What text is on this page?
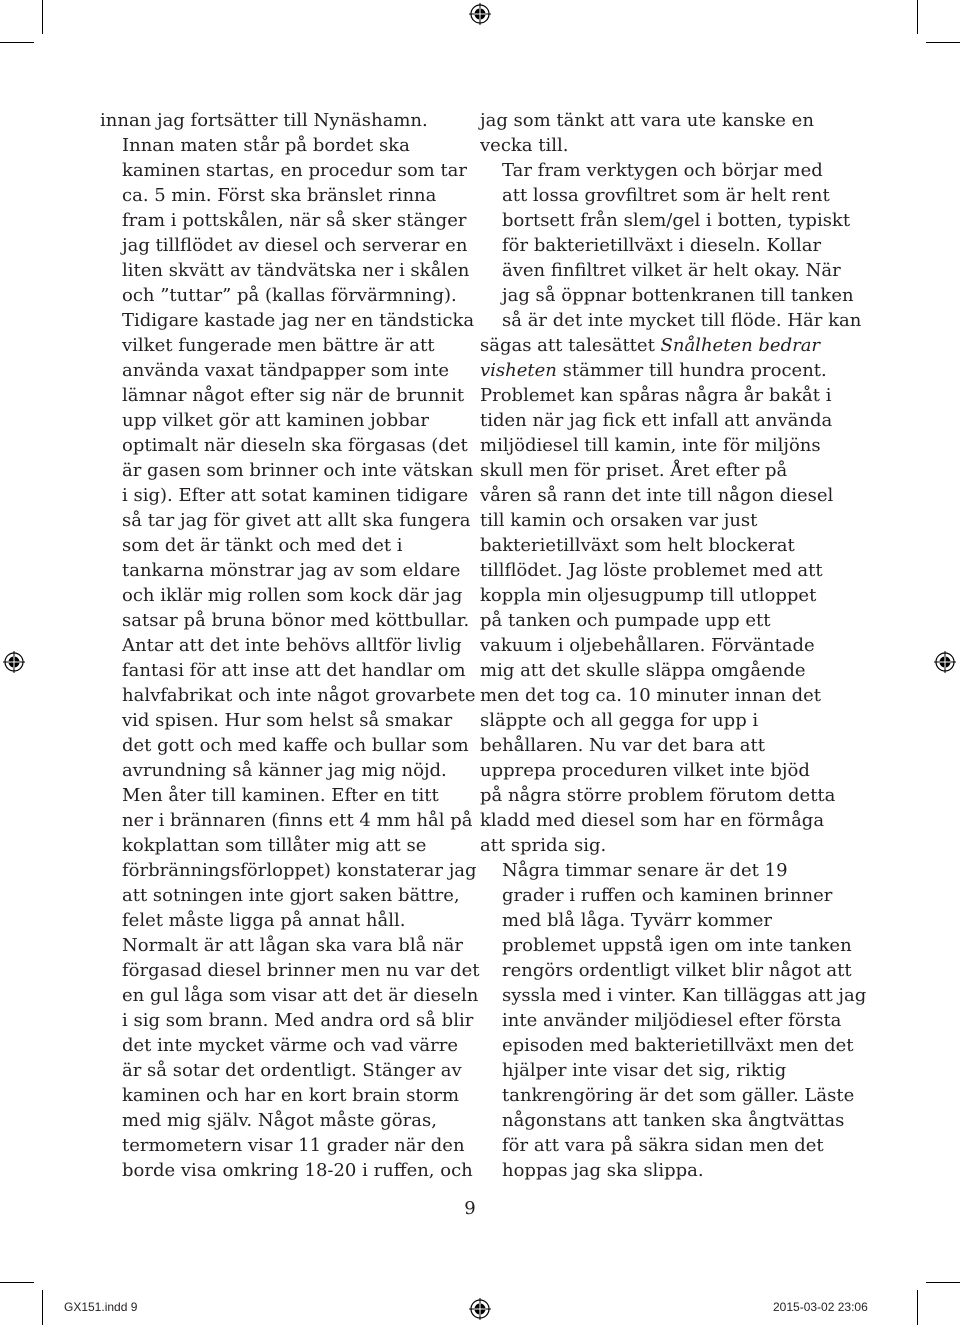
innan jag fortsätter till Nynäshamn.

Innan maten står på bordet ska
kaminen startas, en procedur som tar
ca. 5 min. Först ska bränslet rinna
fram i pottskålen, när så sker stänger
jag tillflödet av diesel och serverar en
liten skvätt av tändvätska ner i skålen
och ”tuttar” på (kallas förvärmning).
Tidigare kastade jag ner en tändsticka
vilket fungerade men bättre är att
använda vaxat tändpapper som inte
lämnar något efter sig när de brunnit
upp vilket gör att kaminen jobbar
optimalt när dieseln ska förgasas (det
är gasen som brinner och inte vätskan
i sig). Efter att sotat kaminen tidigare
så tar jag för givet att allt ska fungera
som det är tänkt och med det i
tankarna mönstrar jag av som eldare
och iklär mig rollen som kock där jag
satsar på bruna bönor med köttbullar.
Antar att det inte behövs alltför livlig
fantasi för att inse att det handlar om
halvfabrikat och inte något grovarbete
vid spisen. Hur som helst så smakar
det gott och med kaffe och bullar som
avrundning så känner jag mig nöjd.

Men åter till kaminen. Efter en titt
ner i brännaren (finns ett 4 mm hål på
kokplattan som tillåter mig att se
förbränningsförloppet) konstaterar jag
att sotningen inte gjort saken bättre,
felet måste ligga på annat håll.
Normalt är att lågan ska vara blå när
förgasad diesel brinner men nu var det
en gul låga som visar att det är dieseln
i sig som brann. Med andra ord så blir
det inte mycket värme och vad värre
är så sotar det ordentligt. Stänger av
kaminen och har en kort brain storm
med mig själv. Något måste göras,
termometern visar 11 grader när den
borde visa omkring 18-20 i ruffen, och

jag som tänkt att vara ute kanske en
vecka till.

Tar fram verktygen och börjar med
att lossa grovfiltret som är helt rent
bortsett från slem/gel i botten, typiskt
för bakterietillväxt i dieseln. Kollar
även finfiltret vilket är helt okay. När
jag så öppnar bottenkranen till tanken
så är det inte mycket till flöde. Här kan

sägas att talesättet Snålheten bedrar
visheten stämmer till hundra procent.
Problemet kan spåras några år bakåt i
tiden när jag fick ett infall att använda
miljödiesel till kamin, inte för miljöns
skull men för priset. Året efter på
våren så rann det inte till någon diesel
till kamin och orsaken var just
bakterietillväxt som helt blockerat
tillflödet. Jag löste problemet med att
koppla min oljesugpump till utloppet
på tanken och pumpade upp ett
vakuum i oljebehållaren. Förväntade
mig att det skulle släppa omgående
men det tog ca. 10 minuter innan det
släppte och all gegga for upp i
behållaren. Nu var det bara att
upprepa proceduren vilket inte bjöd
på några större problem förutom detta
kladd med diesel som har en förmåga
att sprida sig.

Några timmar senare är det 19
grader i ruffen och kaminen brinner
med blå låga. Tyvärr kommer
problemet uppstå igen om inte tanken
rengörs ordentligt vilket blir något att
syssla med i vinter. Kan tilläggas att jag
inte använder miljödiesel efter första
episoden med bakterietillväxt men det
hjälper inte visar det sig, riktig
tankrengöring är det som gäller. Läste
någonstans att tanken ska ångtvättas
för att vara på säkra sidan men det
hoppas jag ska slippa.

9
GX151.indd 9	2015-03-02 23:06
